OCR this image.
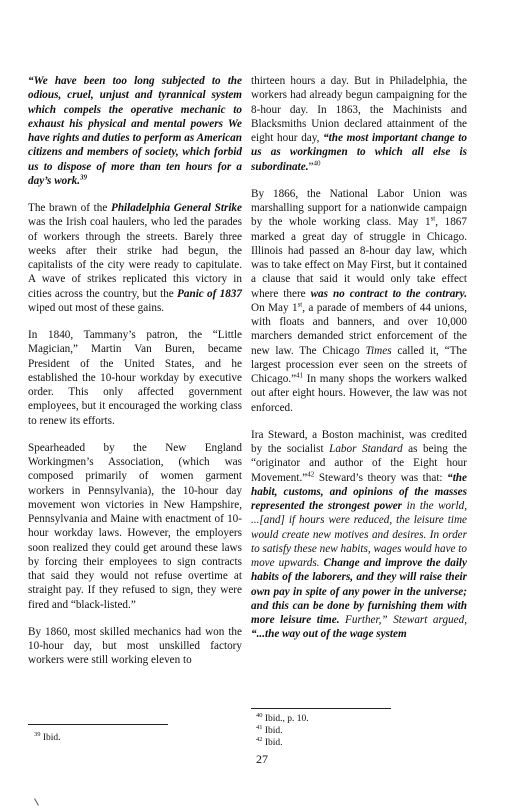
“We have been too long subjected to the odious, cruel, unjust and tyrannical system which compels the operative mechanic to exhaust his physical and mental powers We have rights and duties to perform as American citizens and members of society, which forbid us to dispose of more than ten hours for a day’s work.$^{39}$

The brawn of the Philadelphia General Strike was the Irish coal haulers, who led the parades of workers through the streets. Barely three weeks after their strike had begun, the capitalists of the city were ready to capitulate. A wave of strikes replicated this victory in cities across the country, but the Panic of 1837 wiped out most of these gains.

In 1840, Tammany’s patron, the “Little Magician,” Martin Van Buren, became President of the United States, and he established the 10-hour workday by executive order. This only affected government employees, but it encouraged the working class to renew its efforts.

Spearheaded by the New England Workingmen’s Association, (which was composed primarily of women garment workers in Pennsylvania), the 10-hour day movement won victories in New Hampshire, Pennsylvania and Maine with enactment of 10-hour workday laws. However, the employers soon realized they could get around these laws by forcing their employees to sign contracts that said they would not refuse overtime at straight pay. If they refused to sign, they were fired and “black-listed.”

By 1860, most skilled mechanics had won the 10-hour day, but most unskilled factory workers were still working eleven to

$^{39}$ Ibid.

thirteen hours a day. But in Philadelphia, the workers had already begun campaigning for the 8-hour day. In 1863, the Machinists and Blacksmiths Union declared attainment of the eight hour day, “the most important change to us as workingmen to which all else is subordinate.”$^{40}$

By 1866, the National Labor Union was marshalling support for a nationwide campaign by the whole working class. May 1st, 1867 marked a great day of struggle in Chicago. Illinois had passed an 8-hour day law, which was to take effect on May First, but it contained a clause that said it would only take effect where there was no contract to the contrary. On May 1st, a parade of members of 44 unions, with floats and banners, and over 10,000 marchers demanded strict enforcement of the new law. The Chicago Times called it, “The largest procession ever seen on the streets of Chicago.”$^{41}$ In many shops the workers walked out after eight hours. However, the law was not enforced.

Ira Steward, a Boston machinist, was credited by the socialist Labor Standard as being the “originator and author of the Eight hour Movement.”$^{42}$ Steward’s theory was that: “the habit, customs, and opinions of the masses represented the strongest power in the world, ...[and] if hours were reduced, the leisure time would create new motives and desires. In order to satisfy these new habits, wages would have to move upwards. Change and improve the daily habits of the laborers, and they will raise their own pay in spite of any power in the universe; and this can be done by furnishing them with more leisure time. Further,” Stewart argued, “...the way out of the wage system

$^{40}$ Ibid., p. 10.
$^{41}$ Ibid.
$^{42}$ Ibid.
27
